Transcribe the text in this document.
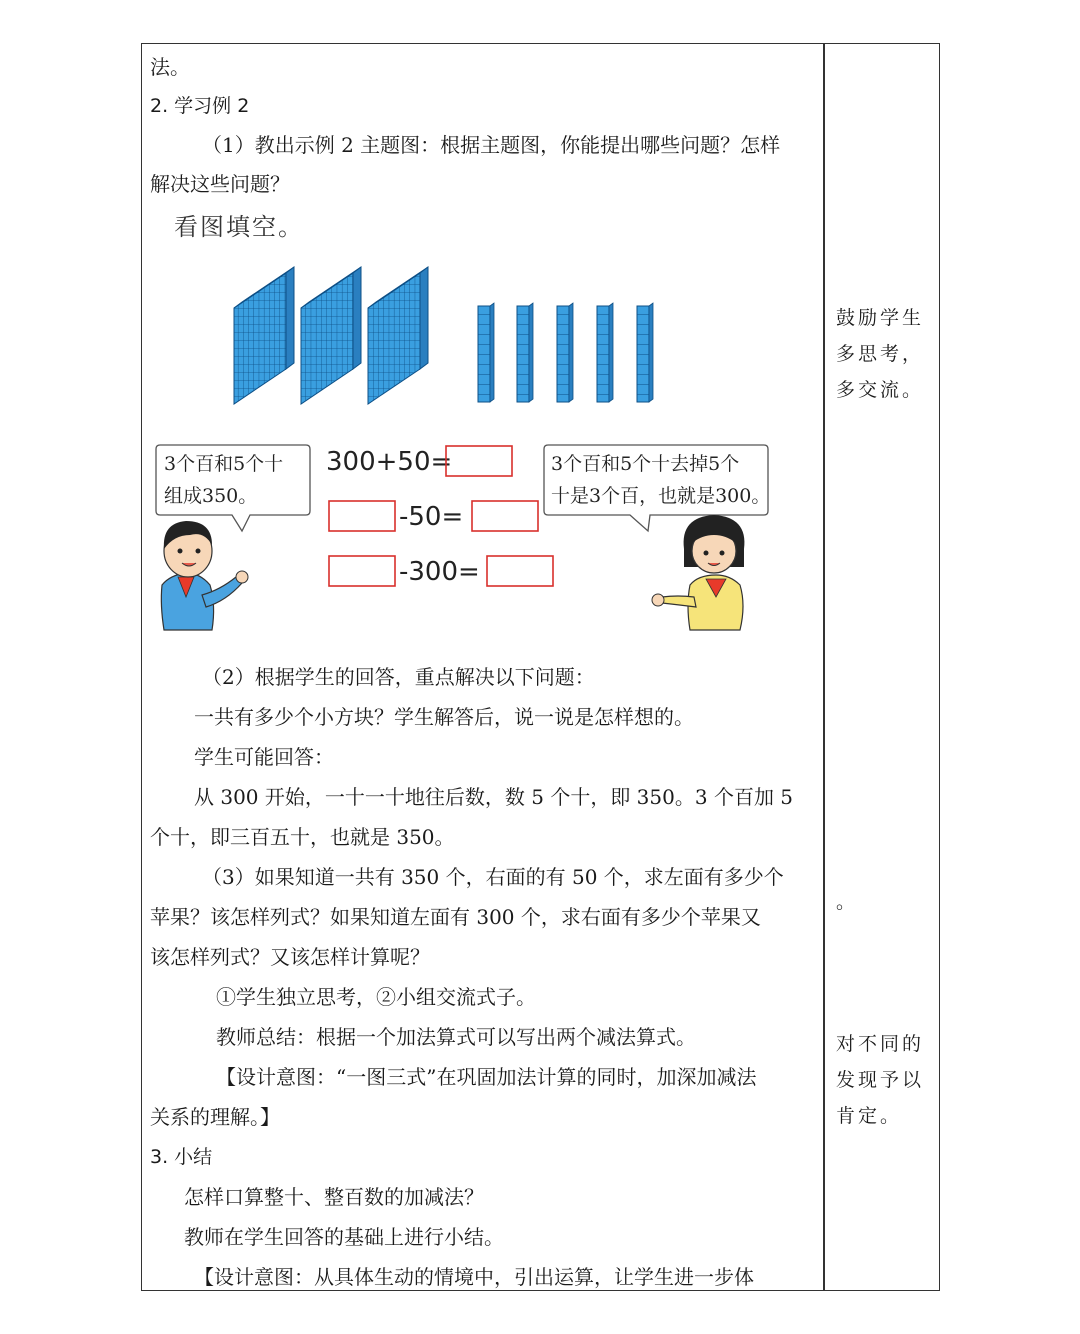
法。
2. 学习例 2
（1）教出示例 2 主题图：根据主题图，你能提出哪些问题？怎样
解决这些问题？
（2）根据学生的回答，重点解决以下问题：
一共有多少个小方块？学生解答后，说一说是怎样想的。
学生可能回答：
从 300 开始，一十一十地往后数，数 5 个十，即 350。3 个百加 5
个十，即三百五十，也就是 350。
（3）如果知道一共有 350 个，右面的有 50 个，求左面有多少个
苹果？该怎样列式？如果知道左面有 300 个，求右面有多少个苹果又
该怎样列式？又该怎样计算呢？
①学生独立思考，②小组交流式子。
教师总结：根据一个加法算式可以写出两个减法算式。
【设计意图：“一图三式”在巩固加法计算的同时，加深加减法
关系的理解。】
3. 小结
怎样口算整十、整百数的加减法？
教师在学生回答的基础上进行小结。
【设计意图：从具体生动的情境中，引出运算，让学生进一步体
看图填空。
3个百和5个十
组成350。
3个百和5个十去掉5个
十是3个百，也就是300。
300+50=
-50=
-300=
鼓励学生
多思考，
多交流。
。
对不同的
发现予以
肯定。
